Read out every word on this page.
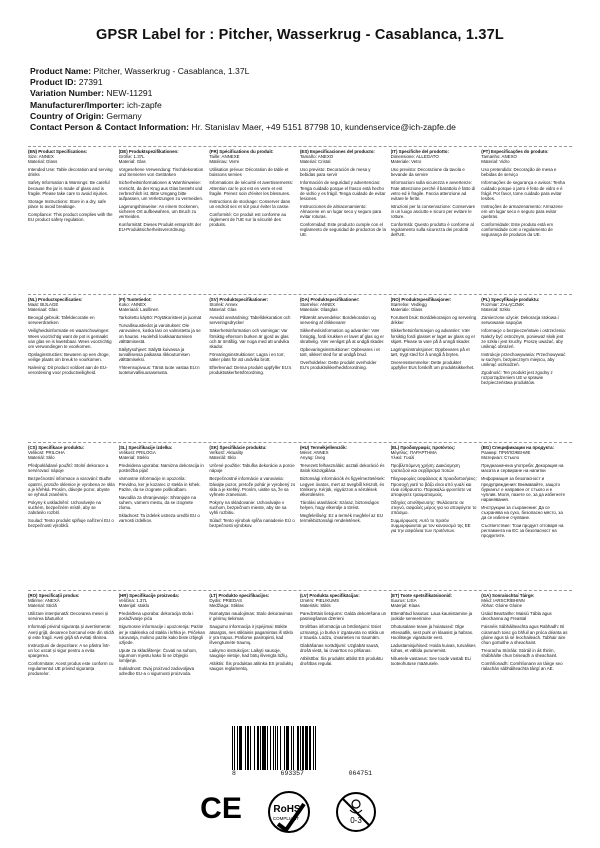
GPSR Label for : Pitcher, Wasserkrug - Casablanca, 1.37L
Product Name: Pitcher, Wasserkrug - Casablanca, 1.37L
Product ID: 27391
Variation Number: NEW-11291
Manufacturer/Importer: ich-zapfe
Country of Origin: Germany
Contact Person & Contact Information: Hr. Stanislav Maer, +49 5151 87798 10, kundenservice@ich-zapfe.de
(EN) Product Specifications:
Size: ANNEX
Material: Glass

Intended Use: Table decoration and serving drinks

Safety Information & Warnings: Be careful because the jar is made of glass and is fragile. Please take care to avoid injuries.

Storage Instructions: Store in a dry, safe place to avoid breakage.

Compliance: This product complies with the EU product safety regulation.

(DE) Produktspezifikationen:
Größe: 1.37L
Material: Glas

Vorgesehene Verwendung: Tischdekoration und Servieren von Getränken

Sicherheitsinformationen & Warnhinweise: Vorsicht, da der Krug aus Glas besteht und zerbrechlich ist. Bitte Umgang bitte aufpassen, um Verletzungen zu vermeiden.

Lagerungshinweise: An einem trockenen, sicheren Ort aufbewahren, um Bruch zu vermeiden.

Konformität: Dieses Produkt entspricht der EU-Produktsicherheitsverordnung.

(FR) Spécifications du produit:
Taille: ANNEXE
Matériau: Verre

Utilisation prévue: Décoration de table et boissons servies

Informations de sécurité et avertissements: Attention car le pot est en verre et est fragile. Prenez soin d'éviter les blessures.

Instructions de stockage: Conserver dans un endroit sec et sûr pour éviter la casse.

Conformité: Ce produit est conforme au règlement de l'UE sur la sécurité des produits.

(ES) Especificaciones del producto:
Tamaño: ANEXO
Material: Cristal

Uso previsto: Decoración de mesa y bebidas para servir

Información de seguridad y advertencias: Tenga cuidado porque el frasco está hecho de vidrio y es frágil. Tenga cuidado de evitar lesiones.

Instrucciones de almacenamiento: Almacene en un lugar seco y seguro para evitar roturas.

Conformidad: Este producto cumple con el reglamento de seguridad de productos de la UE.

(IT) Specifiche del prodotto:
Dimensione: ALLEGATO
Materiale: Vetro

Uso previsto: Decorazione da tavola e bevande da servire

Informazioni sulla sicurezza e avvertenze: Fate attenzione perché il barattolo è fatto di vetro ed è fragile. Faccia attenzione ad evitare le ferite.

Istruzioni per la conservazione: Conservare in un luogo asciutto e sicuro per evitare le rotture.

Conformità: Questo prodotto è conforme al regolamento sulla sicurezza dei prodotti dell'UE.

(PT) Especificações do produto:
Tamanho: ANEXO
Material: Vidro

Uso pretendido: Decoração de mesa e bebidas de serviço

Informações de segurança e avisos: Tenha cuidado porque o jarro é feito de vidro e é frágil. Por favor, tome cuidado para evitar lesões.

Instruções de armazenamento: Armazene em um lugar seco e seguro para evitar quebras.

Conformidade: Este produto está em conformidade com o regulamento de segurança de produtos da UE.

(NL) Productspecificaties:
Maat: BIJLAGE
Materiaal: Glas

Beoogd gebruik: Tafeldecoratie en serveerdranken

Veiligheidsinformatie en waarschuwingen: Wees voorzichtig want de pot is gemaakt van glas en is kwetsbaar. Wees voorzichtig om verwondingen te voorkomen.

Opslaginstructies: Bewaren op een droge, veilige plaats om breuk te voorkomen.

Naleving: Dit product voldoet aan de EU-verordening voor productveiligheid.

(FI) Tuotetiedot:
Koko: ANNEX
Materiaali: Lasillinen

Tarkoitettu käyttö: Pöytäkoristeet ja juomat

Turvallisuustiedot ja varoitukset: Ole varovainen, koska lasi on valmistettu ja se on hauras. Huolehdi loukkaantumisen välttämisestä.

Säilytysohjeet: Säilytä kuivassa ja turvallisessa paikassa rikkoutumisen välttämiseksi.

Yhteensopivuus: Tämä tuote vastaa EU:n tuoteturvallisuusasetusta.

(SV) Produktspecifikationer:
Storlek: Annex
Material: Glas

Avsedd användning: Tabelldekoration och serveringsdrycker

Säkerhetsinformation och varningar: Var försiktig eftersom burken är gjord av glas och är ömtålig. Var noga med att undvika skador.

Förvaringsinstruktioner: Lagra i en torr, säker plats för att undvika brott.

Efterlevnad: Denna produkt uppfyller EU:s produktsäkerhetsförordning.

(DA) Produktspecifikationer:
Størrelse: ANNEX
Materiale: Glasglas

Påtænkt anvendelse: Bordekoration og servering af drikkevarer

Sikkerhedsinformation og advarsler: Vær forsigtig, fordi krukken er lavet af glas og er skrøbelig. Vær venligst på at undgå skader.

Opbevaringsinstruktioner: Opbevares i et tørt, sikkert sted for at undgå brud.

Overholdelse: Dette produkt overholder EU's produktsikkerhedsforordning.

(NO) Produktspesifikasjoner:
Størrelse: Vedlegg
Materiale: Glass

Forutsett bruk: Borddekorasjon og servering drikker

Sikkerhetsinformasjon og advarsler: Vær forsiktig fordi glasset er laget av glass og er skjørt. Please ta vare på å unngå skader.

Lagringsinstruksjoner: Oppbevares på et tørt, trygt sted for å unngå å brytes.

Overensstemmelse: Dette produktet oppfyller EUs forskrift om produktsikkerhet.

(PL) Specyfikacje produktu:
Rozmiar: ZAŁĄCZNIK
Materiał: Szkło

Zamierzone użycie: Dekoracja stołowa i serwowanie napojów

Informacje o bezpieczeństwie i ostrzeżenia: Należy być ostrożnym, ponieważ słoik jest ze szkła i jest kruchy. Proszę uważać, aby uniknąć obrażeń.

Instrukcje przechowywania: Przechowywać w suchym, bezpiecznym miejscu, aby uniknąć uszkodzeń.

Zgodność: Ten produkt jest zgodny z rozporządzeniem UE w sprawie bezpieczeństwa produktów.

(CS) Specifikace produktu:
Velikost: PRILOHA
Materiál: Sklo

Předpokládané použití: Stolní dekorace a servírovací nápoje

Bezpečnostní informace a varování: Buďte opatrní, protože sklenice je vyrobena ze skla a je křehká. Prosím, dávejte pozor, abyste se vyhnuli zraněním.

Pokyny k uskladnění: Uchovávejte na suchém, bezpečném místě, aby se zabránilo rozbití.

Soulad: Tento produkt splňuje nařízení EU o bezpečnosti výrobků.

(SL) Specifikacije izdelka:
Velikost: PRILOGA
Material: Steklo

Predvidena uporaba: Namizna dekoracija in postrežba pijač

Varnostne informacije in opozorila: Previdno, ker je kozarec iz stekla in krhek. Pazite, da se izognete poškodbam.

Navodila za shranjevanje: Shranjujte na suhem, varnem mestu, da se izognete zlomu.

Skladnost: Ta izdelek ustreza uredbi EU o varnosti izdelkov.

(SK) Špecifikácie produktu:
Veľkosť: Aktuality
Materiál: Sklo

Určené použitie: Tabuľka dekorácie a porcie nápoje

Bezpečnostné informácie a varovania: Dávajte pozor, pretože pohár je vyrobený zo skla a je krehký. Prosím, uistite sa, že sa vyhnete zraneniam.

Pokyny na skladovanie: Uchovávajte v suchom, bezpečnom mieste, aby ste sa vyhli rozbitiu.

Súlad: Tento výrobok spĺňa nariadenie EÚ o bezpečnosti výrobkov.

(HU) Termékjellemzők:
Méret: ANNEX
Anyag: Üveg

Tervezett felhasználás: asztali dekoráció és italok kiszolgálása

Biztonsági információk és figyelmeztetések: Legyen óvatos, mert az üvegből készült, és törékeny. Kérjük, vigyázzon a sérülések elkerülésére.

Tárolási utasítások: Száraz, biztonságos helyen, hogy elkerülje a törést.

Megfelelőség: Ez a termék megfelel az EU termékbiztonsági rendeletének.

(EL) Προδιαγραφές προϊόντος:
Μέγεθος: ΠΑΡΑΡΤΗΜΑ
Υλικό: Γυαλί

Προβλεπόμενη χρήση: Διακόσμηση τραπεζιού και σερβίρισμα ποτών

Πληροφορίες ασφάλειας & προειδοποιήσεις: Προσοχή γιατί το βάζο είναι από γυαλί και είναι εύθραυστο. Παρακαλώ φροντίστε να αποφύγετε τραυματισμούς.

Οδηγίες αποθήκευσης: Φυλάσσετε σε στεγνό, ασφαλές μέρος για να αποφύγετε το σπάσιμο.

Συμμόρφωση: Αυτό το προϊόν συμμορφώνεται με τον κανονισμό της ΕΕ για την ασφάλεια των προϊόντων.

(BG) Спецификации на продукта:
Размер: ПРИЛОЖЕНИЕ
Материал: Стъкло

Предназначена употреба: Декорация на масата и сервиране на напитки

Информация за безопасност и предупреждения: Внимавайте, защото бурканът е направен от стъкло и е чуплив. Моля, пазете се, за да избегнете наранявания.

Инструкции за съхранение: Да се съхранява на сухо, безопасно място, за да се избегне счупване.

Съответствие: Този продукт отговаря на регламента на ЕС за безопасност на продуктите.

(RO) Specificații produs:
Mărime: ANEXĂ
Material: Sticlă

Utilizare intenționată: Decorarea mesei și servirea băuturilor

Informații privind siguranța și avertismente: Aveți grijă, deoarece borcanul este din sticlă și este fragil. Aveți grijă să evitați rănirea.

Instrucțiuni de depozitare: A se păstra într-un loc uscat și sigur pentru a evita spargerea.

Conformitate: Acest produs este conform cu regulamentul UE privind siguranța produselor.

(HR) Specifikacije proizvoda:
Veličina: 1.37L
Materijal: staklo

Predviđena uporaba: dekoracija stola i posluživanje pića

Sigurnosne informacije i upozorenja: Pazite jer je staklenka od stakla i krhka je. Pričekan rukovanja, molimo pazite kako biste izbjegli ozljede.

Upute za skladištenje: Čuvati na suhom, sigurnom mjestu kako bi se izbjeglo lomljenje.

Sukladnost: Ovaj proizvod zadovoljava odredbe EU-a o sigurnosti proizvoda.

(LT) Produkto specifikacijos:
Dydis: PRIEDAS
Medžiaga: Stiklas

Numatytas naudojimas: Stalo dekoravimas ir gėrimų tiekimas

Saugumo informacija ir įspėjimai: Būkite atsargūs, nes stiklainis pagamintas iš stiklo ir yra trapus. Prašome pasirūpinti, kad išvengtumėte traumų.

Laikymo instrukcijos: Laikyti sausoje, saugioje vietoje, kad būtų išvengta lūžių.

Atitiktis: Šis produktas atitinka ES produktų saugos reglamentą.

(LV) Produkta specifikācijas:
Izmērs: PIELIKUMS
Materiāls: Stikls

Paredzētais lietojums: Galda dekorēšana un pasniegšanas dzērieni

Drošības informācija un brīdinājumi: Esiet uzmanīgi, jo burka ir izgatavota no stikla un ir trausla. Lūdzu, izvairieties no traumām.

Glabāšanas norādījumi: Uzglabāt sausā, drošā vietā, lai izvairītos no plīšanas.

Atbilstība: Šis produkts atbilst ES produktu drošības regulai.

(ET) Toote spetsifikatsioonid:
Suurus: LISA
Materjal: Klaas

Ettenähtud kasutus: Laua kaunistamine ja jookide serveerimine

Ohutusalane teave ja hoiatused: Olge ettevaatlik, sest purk on klaasist ja habras. Hoolitsege vigastuste eest.

Ladustamisjuhised: Hoida kuivas, turvalises kohas, et vältida purunemist.

Nõuetele vastavus: See toode vastab ELi tooteohutuse määrusele.

(GA) Sonraíochtaí Táirge:
Méid: IARSCRÍBHINN
Ábhar: Gloine Gloine

Úsáid Beartaithe: Maisiú Tábla agus deochanna ag Freastal

Faisnéis Sábháilteachta agus Rabhadh: Bí cúramach toisc go bhfuil an próca déanta as gloine agus tá sé leochaileach. Tabhair aire chun gortuithe a sheachaint.

Treoracha Stórála: Stóráil in áit thirim, shábháilte chun briseadh a sheachaint.

Comhlíonadh: Comhlíonann an táirge seo rialachán sábháilteachta táirgí an AE.

8	693357	064751
CE	RoHS
COMPLIANT	0-3
